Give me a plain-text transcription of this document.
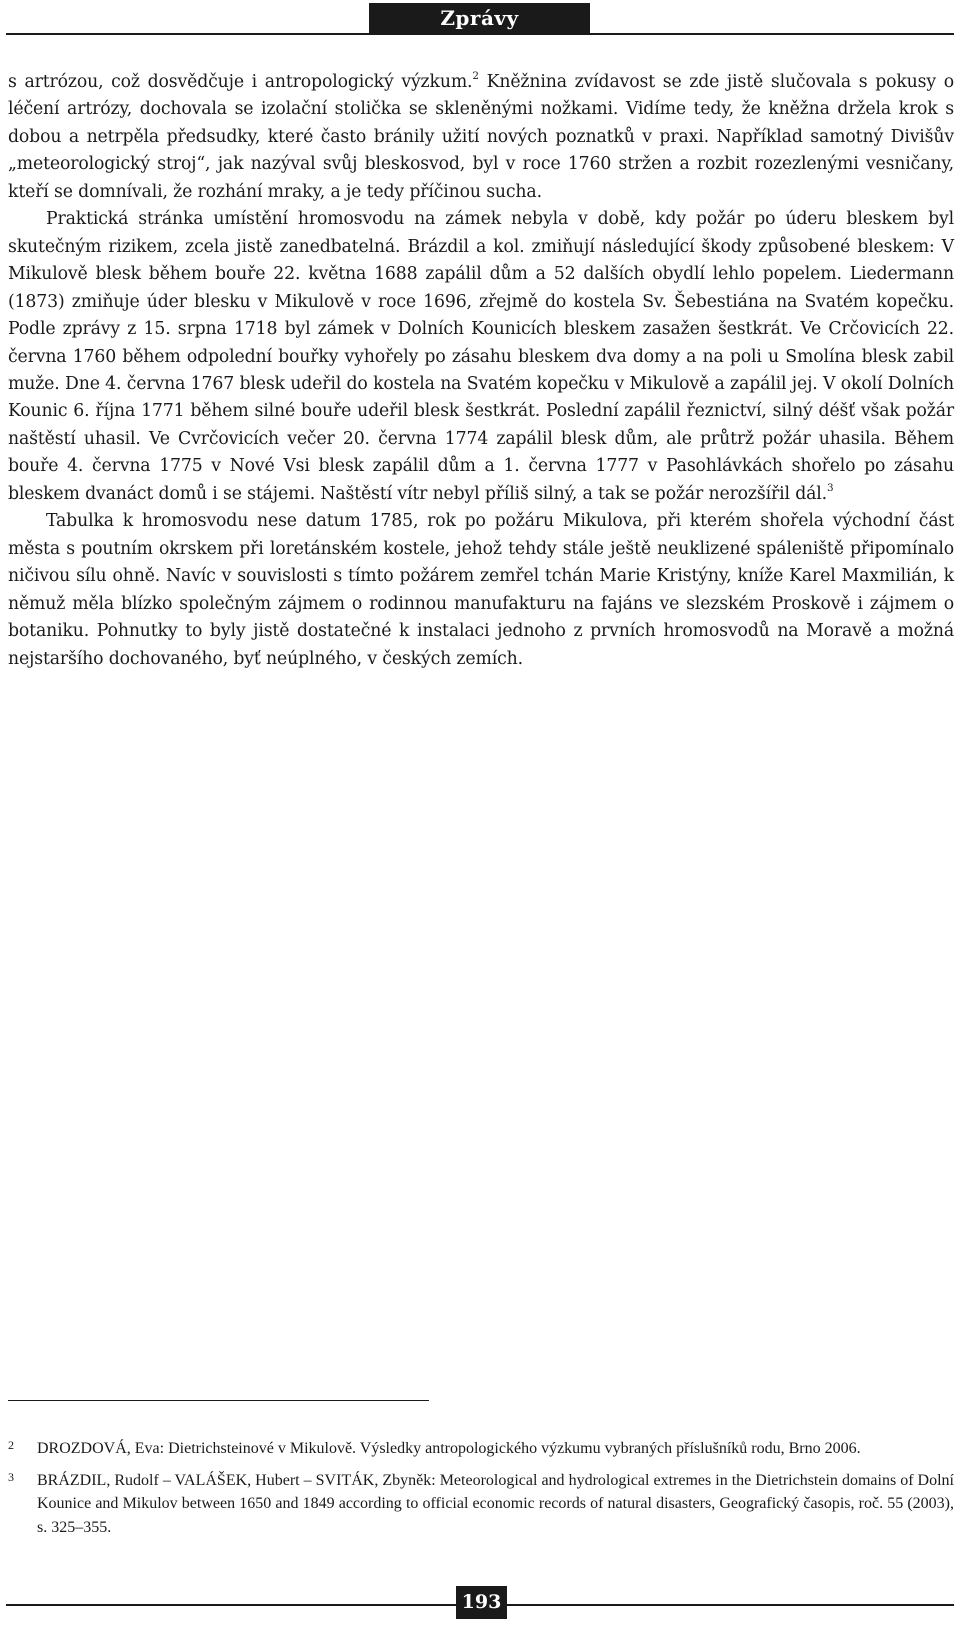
Zprávy

s artrózou, což dosvědčuje i antropologický výzkum.$^2$ Kněžnina zvídavost se zde jistě slučovala s pokusy o léčení artrózy, dochovala se izolační stolička se skleněnými nožkami. Vidíme tedy, že kněžna držela krok s dobou a netrpěla předsudky, které často bránily užití nových poznatků v praxi. Například samotný Divišův „meteorologický stroj“, jak nazýval svůj bleskosvod, byl v roce 1760 stržen a rozbit rozezlenými vesničany, kteří se domnívali, že rozhání mraky, a je tedy příčinou sucha.

Praktická stránka umístění hromosvodu na zámek nebyla v době, kdy požár po úderu bleskem byl skutečným rizikem, zcela jistě zanedbatelná. Brázdil a kol. zmiňují následující škody způsobené bleskem: V Mikulově blesk během bouře 22. května 1688 zapálil dům a 52 dalších obydlí lehlo popelem. Liedermann (1873) zmiňuje úder blesku v Mikulově v roce 1696, zřejmě do kostela Sv. Šebestiána na Svatém kopečku. Podle zprávy z 15. srpna 1718 byl zámek v Dolních Kounicích bleskem zasažen šestkrát. Ve Crčovicích 22. června 1760 během odpolední bouřky vyhořely po zásahu bleskem dva domy a na poli u Smolína blesk zabil muže. Dne 4. června 1767 blesk udeřil do kostela na Svatém kopečku v Mikulově a zapálil jej. V okolí Dolních Kounic 6. října 1771 během silné bouře udeřil blesk šestkrát. Poslední zapálil řeznictví, silný déšť však požár naštěstí uhasil. Ve Cvrčovicích večer 20. června 1774 zapálil blesk dům, ale průtrž požár uhasila. Během bouře 4. června 1775 v Nové Vsi blesk zapálil dům a 1. června 1777 v Pasohlávkách shořelo po zásahu bleskem dvanáct domů i se stájemi. Naštěstí vítr nebyl příliš silný, a tak se požár nerozšířil dál.$^3$

Tabulka k hromosvodu nese datum 1785, rok po požáru Mikulova, při kterém shořela východní část města s poutním okrskem při loretánském kostele, jehož tehdy stále ještě neuklizené spáleniště připomínalo ničivou sílu ohně. Navíc v souvislosti s tímto požárem zemřel tchán Marie Kristýny, kníže Karel Maxmilián, k němuž měla blízko společným zájmem o rodinnou manufakturu na fajáns ve slezském Proskově i zájmem o botaniku. Pohnutky to byly jistě dostatečné k instalaci jednoho z prvních hromosvodů na Moravě a možná nejstaršího dochovaného, byť neúplného, v českých zemích.

2 DROZDOVÁ, Eva: Dietrichsteinové v Mikulově. Výsledky antropologického výzkumu vybraných příslušníků rodu, Brno 2006.
3 BRÁZDIL, Rudolf – VALÁŠEK, Hubert – SVITÁK, Zbyněk: Meteorological and hydrological extremes in the Dietrichstein domains of Dolní Kounice and Mikulov between 1650 and 1849 according to official economic records of natural disasters, Geografický časopis, roč. 55 (2003), s. 325–355.
193
